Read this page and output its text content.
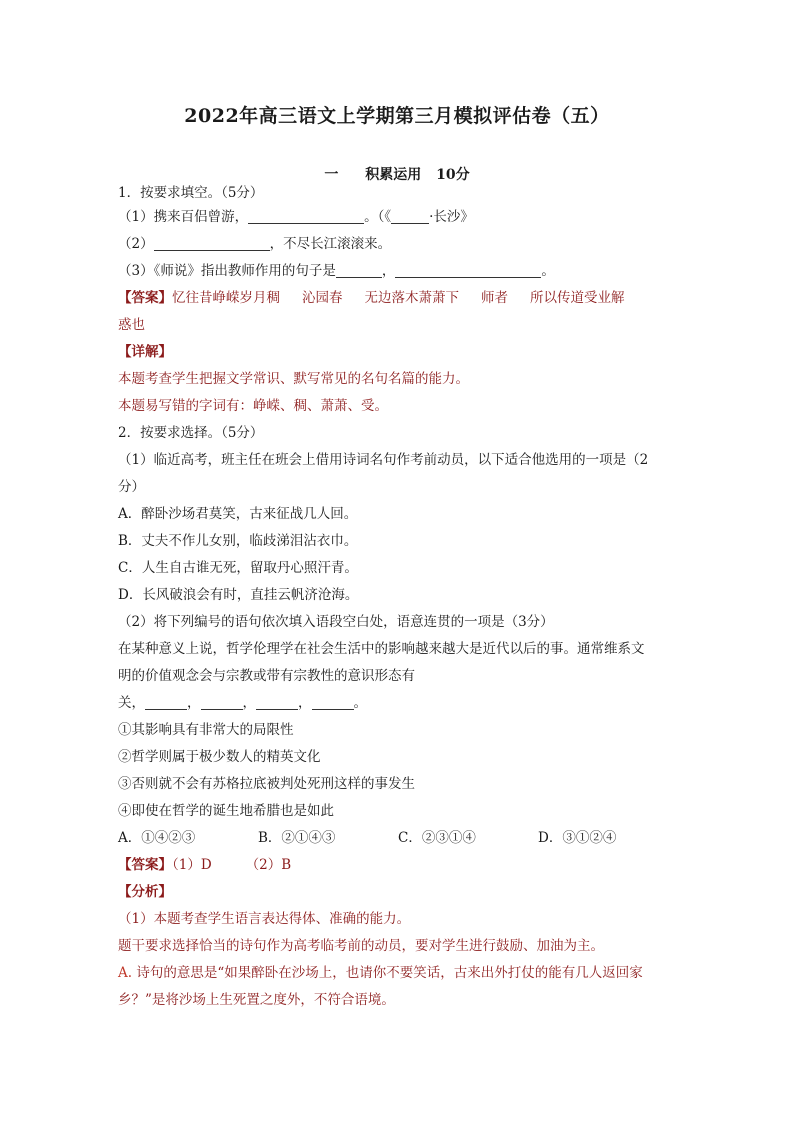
2022年高三语文上学期第三月模拟评估卷（五）
一 积累运用 10分
1．按要求填空。（5分）
（1）携来百侣曾游，	。（《	·长沙》
（2）	，不尽长江滚滚来。
（3）《师说》指出教师作用的句子是	，	。
【答案】忆往昔峥嵘岁月稠 沁园春 无边落木萧萧下 师者 所以传道受业解
惑也
【详解】
本题考查学生把握文学常识、默写常见的名句名篇的能力。
本题易写错的字词有：峥嵘、稠、萧萧、受。
2．按要求选择。（5分）
（1）临近高考，班主任在班会上借用诗词名句作考前动员，以下适合他选用的一项是（2
分）
A．醉卧沙场君莫笑，古来征战几人回。
B．丈夫不作儿女别，临歧涕泪沾衣巾。
C．人生自古谁无死，留取丹心照汗青。
D．长风破浪会有时，直挂云帆济沧海。
（2）将下列编号的语句依次填入语段空白处，语意连贯的一项是（3分）
在某种意义上说，哲学伦理学在社会生活中的影响越来越大是近代以后的事。通常维系文
明的价值观念会与宗教或带有宗教性的意识形态有
关，	，	，	，	。
①其影响具有非常大的局限性
②哲学则属于极少数人的精英文化
③否则就不会有苏格拉底被判处死刑这样的事发生
④即使在哲学的诞生地希腊也是如此
A．①④②③	B．②①④③	C．②③①④	D．③①②④
【答案】（1）D	（2）B
【分析】
（1）本题考查学生语言表达得体、准确的能力。
题干要求选择恰当的诗句作为高考临考前的动员，要对学生进行鼓励、加油为主。
A. 诗句的意思是“如果醉卧在沙场上，也请你不要笑话，古来出外打仗的能有几人返回家
乡？”是将沙场上生死置之度外，不符合语境。
